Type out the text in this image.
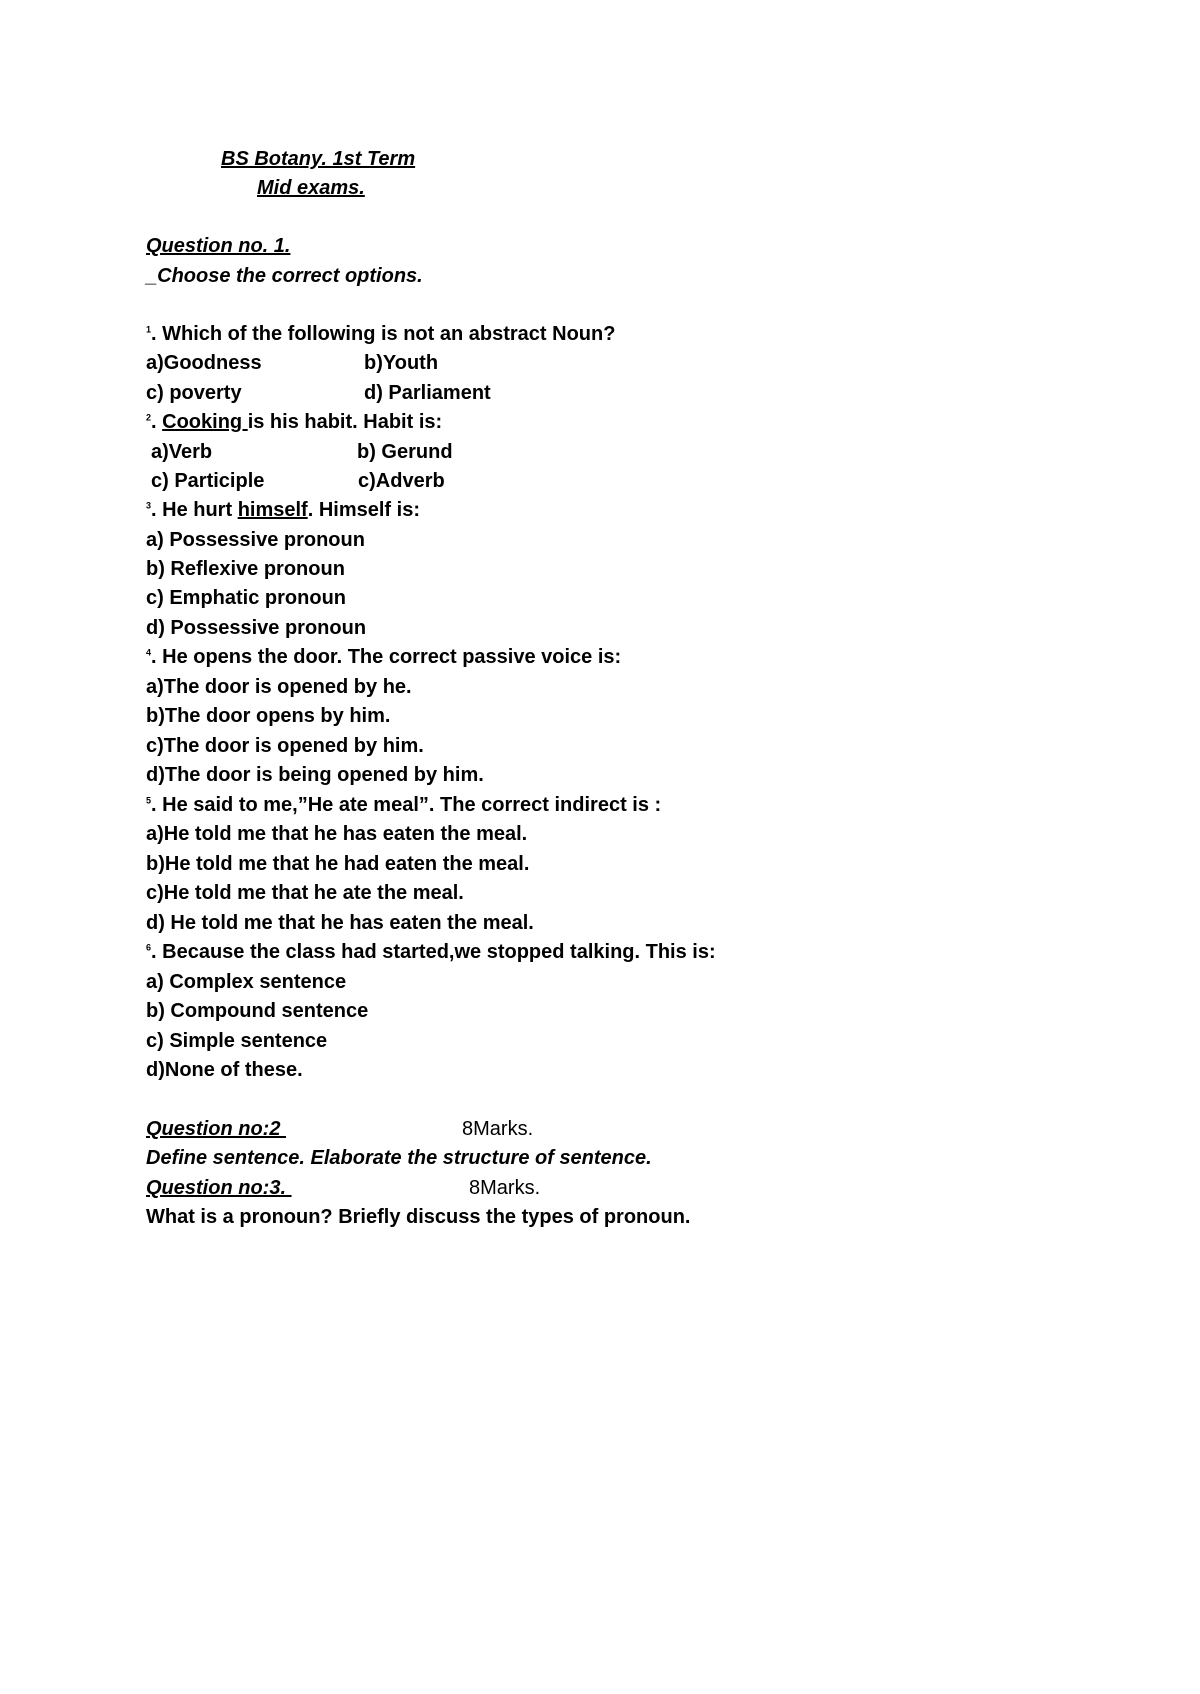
BS Botany. 1st Term
Mid exams.
Question no. 1.
_Choose the correct options.
$^1$. Which of the following is not an abstract Noun?
a)Goodness	b)Youth
c) poverty	d) Parliament
$^2$. Cooking is his habit. Habit is:
a)Verb	b) Gerund
c) Participle	c)Adverb
$^3$. He hurt himself. Himself is:
a) Possessive pronoun
b) Reflexive pronoun
c) Emphatic pronoun
d) Possessive pronoun
$^4$. He opens the door. The correct passive voice is:
a)The door is opened by he.
b)The door opens by him.
c)The door is opened by him.
d)The door is being opened by him.
$^5$. He said to me,”He ate meal”. The correct indirect is :
a)He told me that he has eaten the meal.
b)He told me that he had eaten the meal.
c)He told me that he ate the meal.
d) He told me that he has eaten the meal.
$^6$. Because the class had started,we stopped talking. This is:
a) Complex sentence
b) Compound sentence
c) Simple sentence
d)None of these.
Question no:2	8Marks.
Define sentence. Elaborate the structure of sentence.
Question no:3.	8Marks.
What is a pronoun? Briefly discuss the types of pronoun.
